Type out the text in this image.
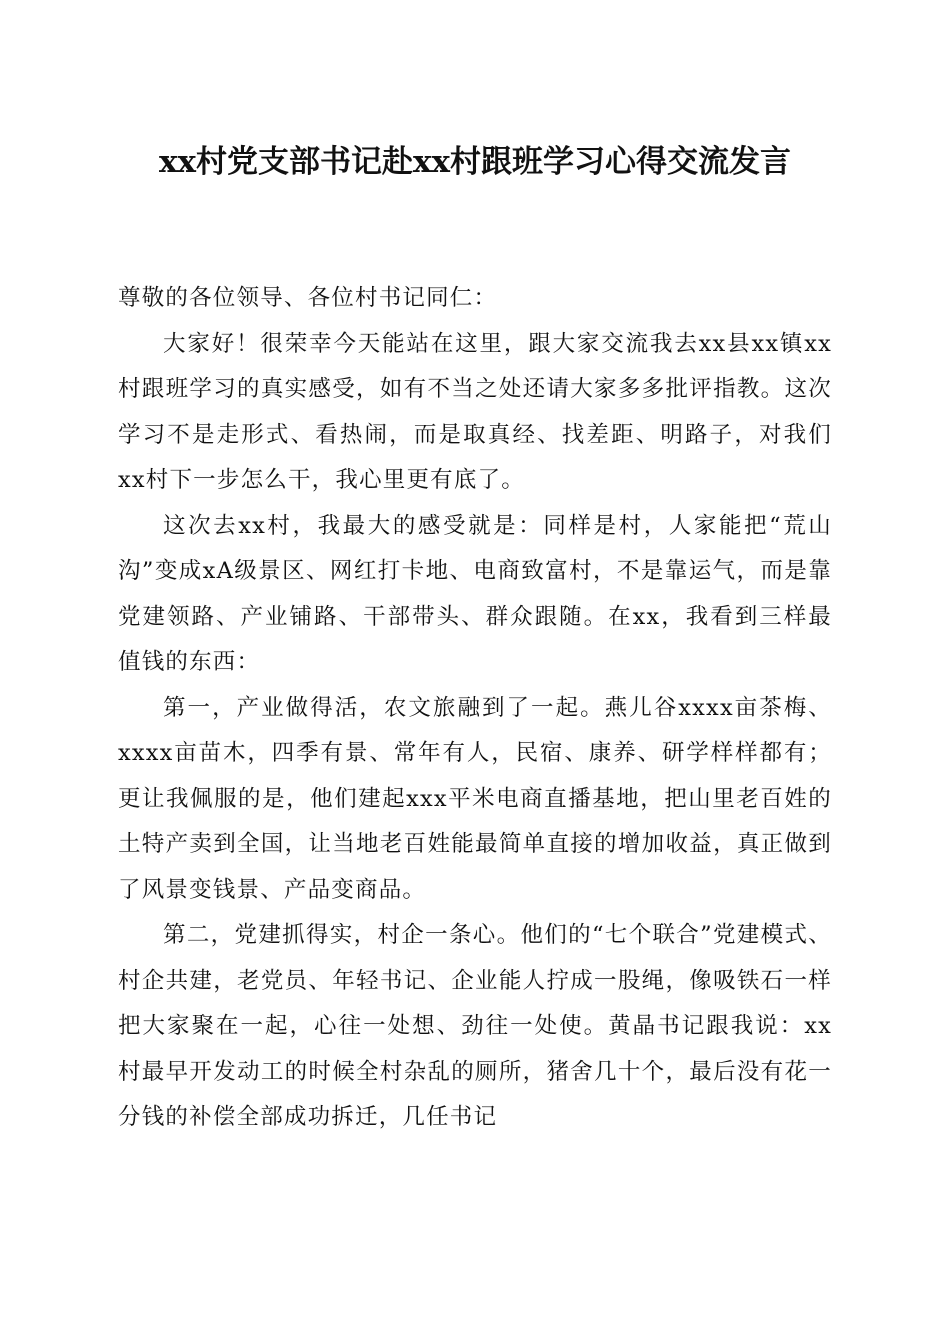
xx村党支部书记赴xx村跟班学习心得交流发言

尊敬的各位领导、各位村书记同仁：

大家好！很荣幸今天能站在这里，跟大家交流我去xx县xx镇xx村跟班学习的真实感受，如有不当之处还请大家多多批评指教。这次学习不是走形式、看热闹，而是取真经、找差距、明路子，对我们xx村下一步怎么干，我心里更有底了。

这次去xx村，我最大的感受就是：同样是村，人家能把“荒山沟”变成xA级景区、网红打卡地、电商致富村，不是靠运气，而是靠党建领路、产业铺路、干部带头、群众跟随。在xx，我看到三样最值钱的东西：

第一，产业做得活，农文旅融到了一起。燕儿谷xxxx亩茶梅、xxxx亩苗木，四季有景、常年有人，民宿、康养、研学样样都有；更让我佩服的是，他们建起xxx平米电商直播基地，把山里老百姓的土特产卖到全国，让当地老百姓能最简单直接的增加收益，真正做到了风景变钱景、产品变商品。

第二，党建抓得实，村企一条心。他们的“七个联合”党建模式、村企共建，老党员、年轻书记、企业能人拧成一股绳，像吸铁石一样把大家聚在一起，心往一处想、劲往一处使。黄晶书记跟我说：xx村最早开发动工的时候全村杂乱的厕所，猪舍几十个，最后没有花一分钱的补偿全部成功拆迁，几任书记
